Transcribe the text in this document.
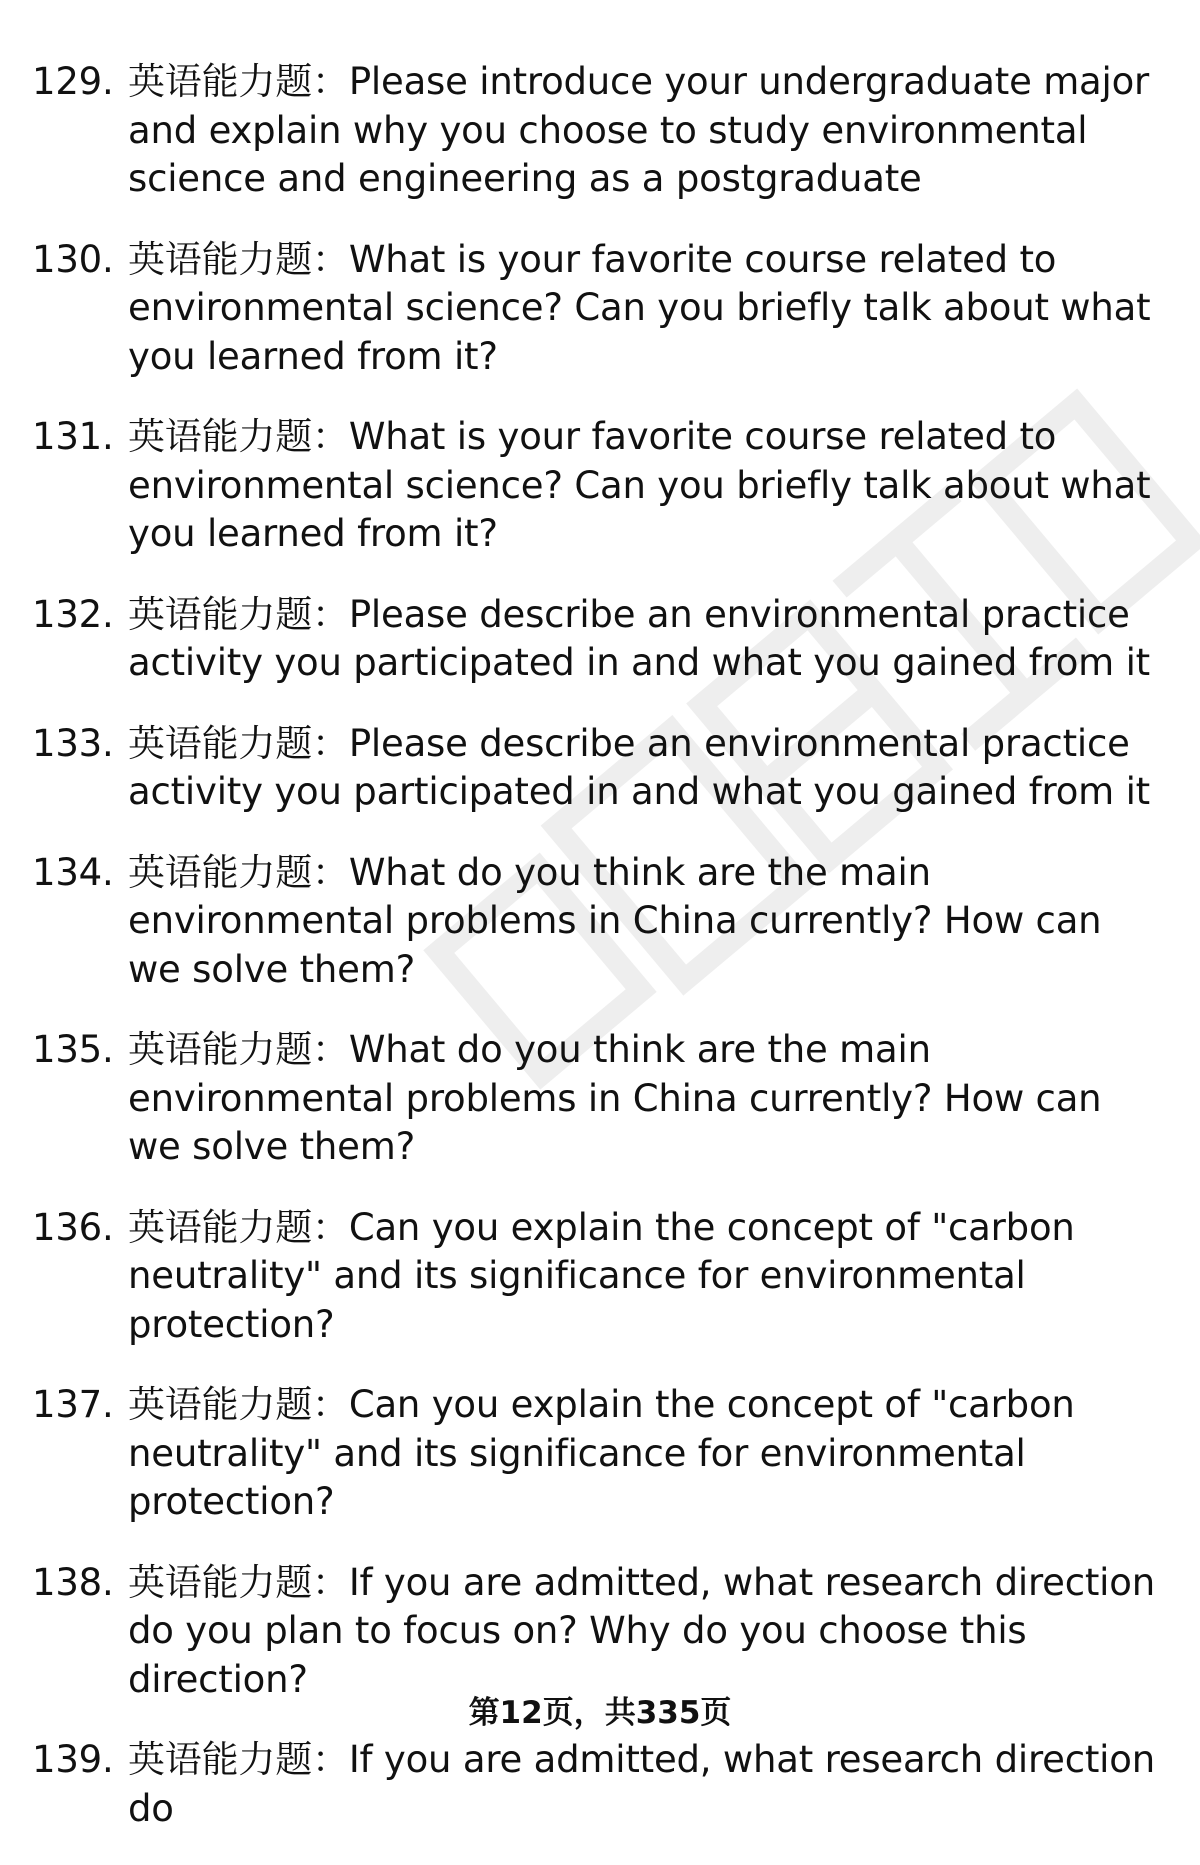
129. 英语能力题：Please introduce your undergraduate major and explain why you choose to study environmental science and engineering as a postgraduate
130. 英语能力题：What is your favorite course related to environmental science? Can you briefly talk about what you learned from it?
131. 英语能力题：What is your favorite course related to environmental science? Can you briefly talk about what you learned from it?
132. 英语能力题：Please describe an environmental practice activity you participated in and what you gained from it
133. 英语能力题：Please describe an environmental practice activity you participated in and what you gained from it
134. 英语能力题：What do you think are the main environmental problems in China currently? How can we solve them?
135. 英语能力题：What do you think are the main environmental problems in China currently? How can we solve them?
136. 英语能力题：Can you explain the concept of "carbon neutrality" and its significance for environmental protection?
137. 英语能力题：Can you explain the concept of "carbon neutrality" and its significance for environmental protection?
138. 英语能力题：If you are admitted, what research direction do you plan to focus on? Why do you choose this direction?
139. 英语能力题：If you are admitted, what research direction do
第12页，共335页
